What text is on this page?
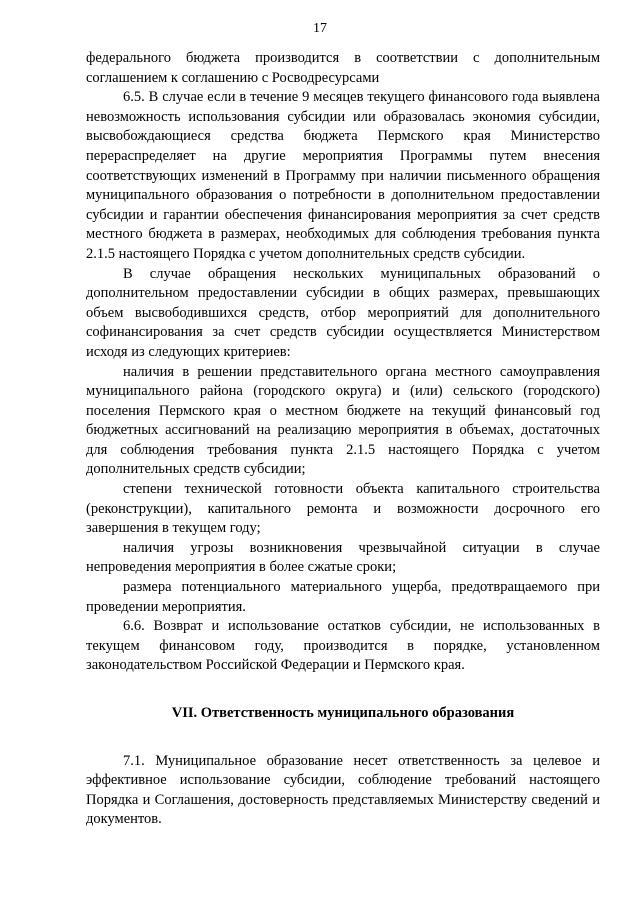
17

федерального бюджета производится в соответствии с дополнительным соглашением к соглашению с Росводресурсами

6.5. В случае если в течение 9 месяцев текущего финансового года выявлена невозможность использования субсидии или образовалась экономия субсидии, высвобождающиеся средства бюджета Пермского края Министерство перераспределяет на другие мероприятия Программы путем внесения соответствующих изменений в Программу при наличии письменного обращения муниципального образования о потребности в дополнительном предоставлении субсидии и гарантии обеспечения финансирования мероприятия за счет средств местного бюджета в размерах, необходимых для соблюдения требования пункта 2.1.5 настоящего Порядка с учетом дополнительных средств субсидии.

В случае обращения нескольких муниципальных образований о дополнительном предоставлении субсидии в общих размерах, превышающих объем высвободившихся средств, отбор мероприятий для дополнительного софинансирования за счет средств субсидии осуществляется Министерством исходя из следующих критериев:

наличия в решении представительного органа местного самоуправления муниципального района (городского округа) и (или) сельского (городского) поселения Пермского края о местном бюджете на текущий финансовый год бюджетных ассигнований на реализацию мероприятия в объемах, достаточных для соблюдения требования пункта 2.1.5 настоящего Порядка с учетом дополнительных средств субсидии;

степени технической готовности объекта капитального строительства (реконструкции), капитального ремонта и возможности досрочного его завершения в текущем году;

наличия угрозы возникновения чрезвычайной ситуации в случае непроведения мероприятия в более сжатые сроки;

размера потенциального материального ущерба, предотвращаемого при проведении мероприятия.

6.6. Возврат и использование остатков субсидии, не использованных в текущем финансовом году, производится в порядке, установленном законодательством Российской Федерации и Пермского края.

VII. Ответственность муниципального образования

7.1. Муниципальное образование несет ответственность за целевое и эффективное использование субсидии, соблюдение требований настоящего Порядка и Соглашения, достоверность представляемых Министерству сведений и документов.
